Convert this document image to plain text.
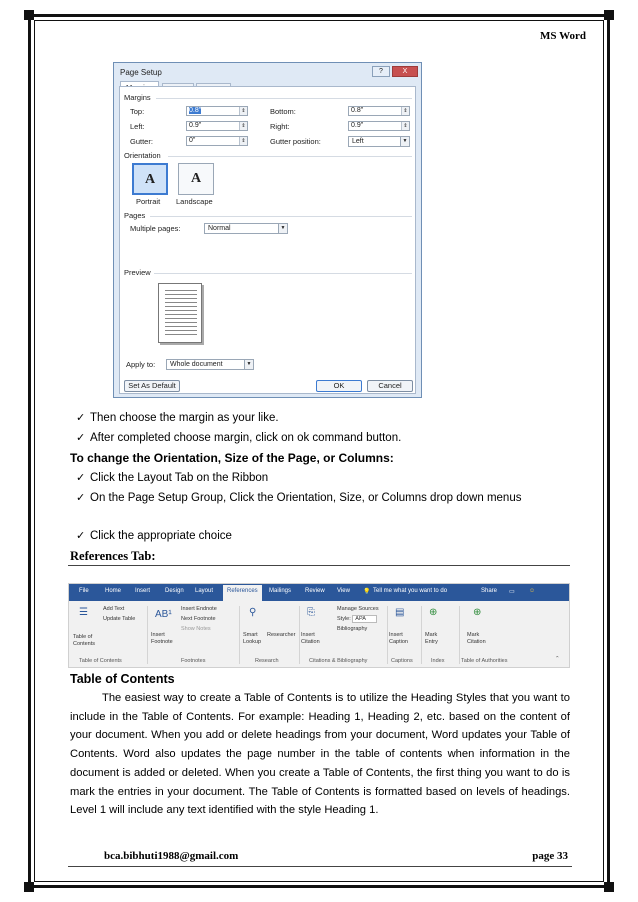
MS Word
Page Setup	?	X
Margins
Top:	0.8"	⇕	Bottom:	0.8"	⇕
Left:	0.9"	⇕	Right:	0.9"	⇕
Gutter:	0"	⇕	Gutter position:	Left	▼
Orientation
A
Portrait
A
Landscape
Pages
Multiple pages:	Normal	▼
Preview
Apply to:	Whole document	▼
Set As Default	OK	Cancel
✓ Then choose the margin as your like.
✓ After completed choose margin, click on ok command button.
To change the Orientation, Size of the Page, or Columns:
✓ Click the Layout Tab on the Ribbon
✓ On the Page Setup Group, Click the Orientation, Size, or Columns drop down menus
✓ Click the appropriate choice
References Tab:
File	Home Insert Design Layout	References	Mailings Review View 💡 Tell me what you want to do	Share ▭ ☺
☰
Table of Contents
Add Text
Update Table AB¹
Insert Footnote
Insert Endnote
Next Footnote
Show Notes
⚲
Smart Lookup
Researcher
⎘
Insert Citation
Manage Sources
Style: APA
Bibliography
▤
Insert Caption
⊕
Mark Entry
⊕
Mark Citation
Table of Contents	Footnotes	Research	Citations & Bibliography	Captions	Index	Table of Authorities	⌃
Table of Contents

The easiest way to create a Table of Contents is to utilize the Heading Styles that you want to include in the Table of Contents. For example: Heading 1, Heading 2, etc. based on the content of your document. When you add or delete headings from your document, Word updates your Table of Contents. Word also updates the page number in the table of contents when information in the document is added or deleted. When you create a Table of Contents, the first thing you want to do is mark the entries in your document. The Table of Contents is formatted based on levels of headings. Level 1 will include any text identified with the style Heading 1.

bca.bibhuti1988@gmail.com	page 33
